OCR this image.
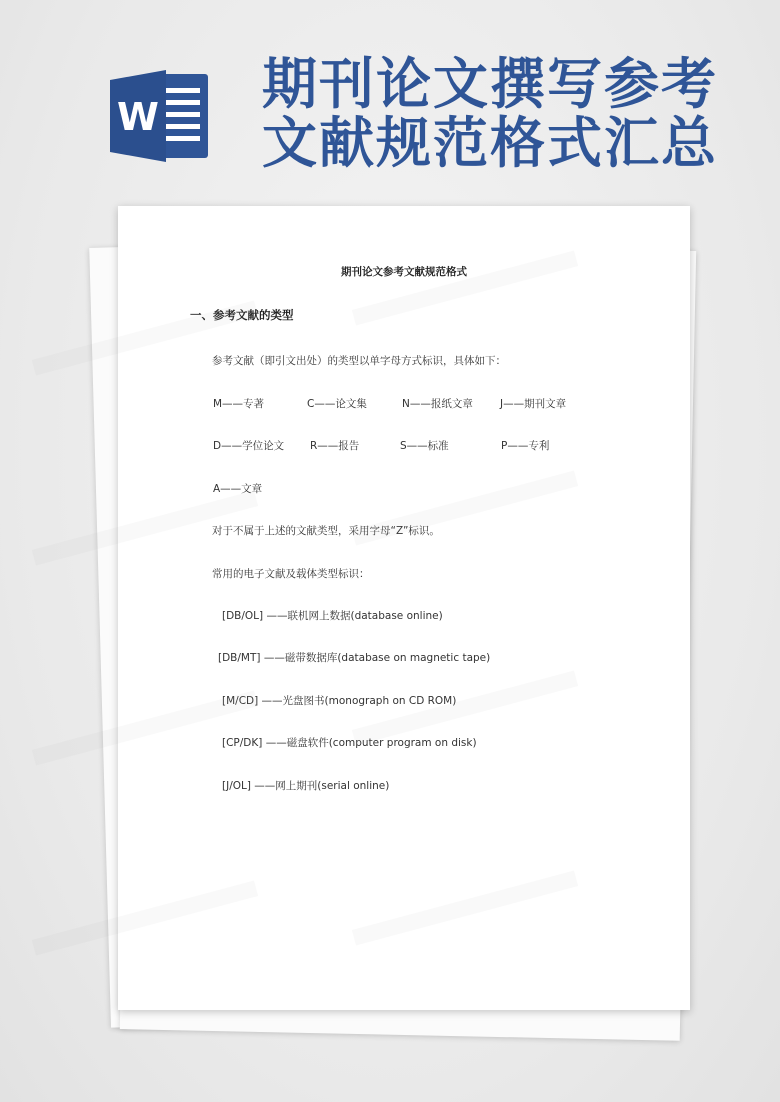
W
期刊论文撰写参考
文献规范格式汇总
期刊论文参考文献规范格式
一、参考文献的类型
参考文献（即引文出处）的类型以单字母方式标识，具体如下：
M——专著	C——论文集	N——报纸文章	J——期刊文章
D——学位论文 R——报告	S——标准	P——专利
A——文章
对于不属于上述的文献类型，采用字母“Z”标识。
常用的电子文献及载体类型标识：
[DB/OL] ——联机网上数据(database online)
[DB/MT] ——磁带数据库(database on magnetic tape)
[M/CD] ——光盘图书(monograph on CD ROM)
[CP/DK] ——磁盘软件(computer program on disk)
[J/OL] ——网上期刊(serial online)
